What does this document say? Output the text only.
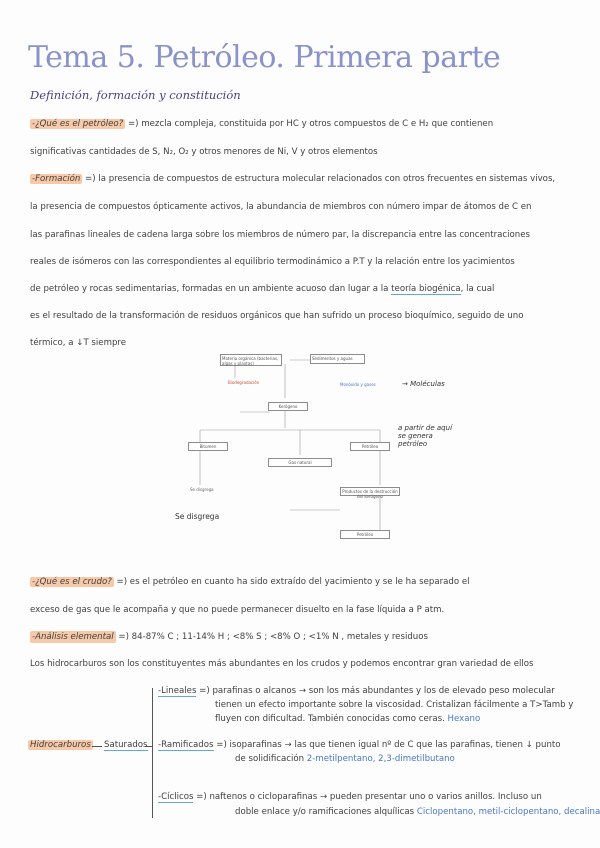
Tema 5. Petróleo. Primera parte
Definición, formación y constitución
-¿Qué es el petróleo? =) mezcla compleja, constituida por HC y otros compuestos de C e H₂ que contienen
significativas cantidades de S, N₂, O₂ y otros menores de Ni, V y otros elementos
-Formación =) la presencia de compuestos de estructura molecular relacionados con otros frecuentes en sistemas vivos,
la presencia de compuestos ópticamente activos, la abundancia de miembros con número impar de átomos de C en
las parafinas lineales de cadena larga sobre los miembros de número par, la discrepancia entre las concentraciones
reales de isómeros con las correspondientes al equilibrio termodinámico a P.T y la relación entre los yacimientos
de petróleo y rocas sedimentarias, formadas en un ambiente acuoso dan lugar a la teoría biogénica, la cual
es el resultado de la transformación de residuos orgánicos que han sufrido un proceso bioquímico, seguido de uno
térmico, a ↓T siempre
Materia orgánica (bacterias, algas y plantas)
Sedimentos y aguas
Biodegradación	Monóxido y gases	→ Moléculas
Kerógeno
Bitumen	Petróleo
a partir de aquí se genera petróleo
Gas natural
Productos de la destrucción del kerógeno
Se disgrega
Se disgrega
Petróleo
-¿Qué es el crudo? =) es el petróleo en cuanto ha sido extraído del yacimiento y se le ha separado el
exceso de gas que le acompaña y que no puede permanecer disuelto en la fase líquida a P atm.
-Análisis elemental
=) 84-87% C ; 11-14% H ; <8% S ; <8% O ; <1% N , metales y residuos
Los hidrocarburos son los constituyentes más abundantes en los crudos y podemos encontrar gran variedad de ellos
Hidrocarburos Saturados
-Lineales =) parafinas o alcanos → son los más abundantes y los de elevado peso molecular
tienen un efecto importante sobre la viscosidad. Cristalizan fácilmente a T>Tamb y
fluyen con dificultad. También conocidas como ceras. Hexano
-Ramificados =) isoparafinas → las que tienen igual nº de C que las parafinas, tienen ↓ punto
de solidificación 2-metilpentano, 2,3-dimetilbutano
-Cíclicos =) naftenos o cicloparafinas → pueden presentar uno o varios anillos. Incluso un
doble enlace y/o ramificaciones alquílicas Ciclopentano, metil-ciclopentano, decalina
